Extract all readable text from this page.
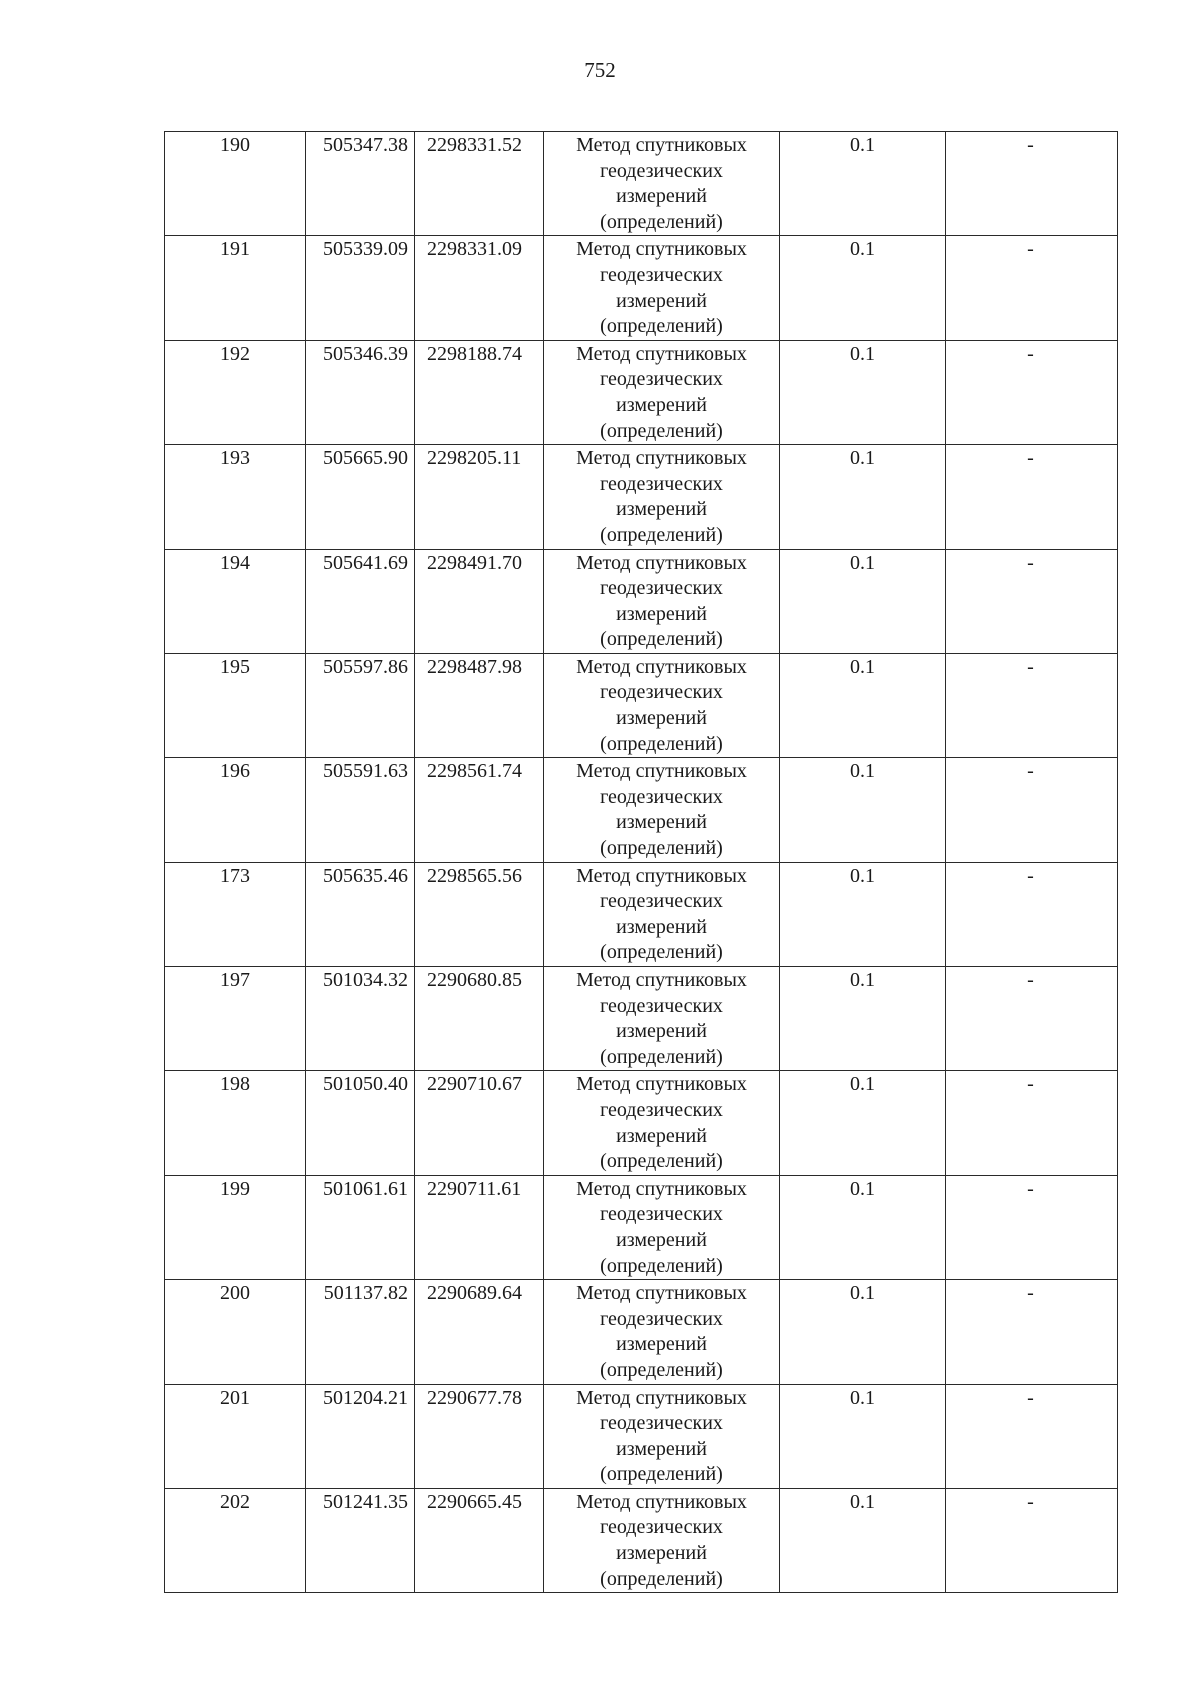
752
190	505347.38	2298331.52	Метод спутниковых
геодезических
измерений
(определений)	0.1	-
191	505339.09	2298331.09	Метод спутниковых
геодезических
измерений
(определений)	0.1	-
192	505346.39	2298188.74	Метод спутниковых
геодезических
измерений
(определений)	0.1	-
193	505665.90	2298205.11	Метод спутниковых
геодезических
измерений
(определений)	0.1	-
194	505641.69	2298491.70	Метод спутниковых
геодезических
измерений
(определений)	0.1	-
195	505597.86	2298487.98	Метод спутниковых
геодезических
измерений
(определений)	0.1	-
196	505591.63	2298561.74	Метод спутниковых
геодезических
измерений
(определений)	0.1	-
173	505635.46	2298565.56	Метод спутниковых
геодезических
измерений
(определений)	0.1	-
197	501034.32	2290680.85	Метод спутниковых
геодезических
измерений
(определений)	0.1	-
198	501050.40	2290710.67	Метод спутниковых
геодезических
измерений
(определений)	0.1	-
199	501061.61	2290711.61	Метод спутниковых
геодезических
измерений
(определений)	0.1	-
200	501137.82	2290689.64	Метод спутниковых
геодезических
измерений
(определений)	0.1	-
201	501204.21	2290677.78	Метод спутниковых
геодезических
измерений
(определений)	0.1	-
202	501241.35	2290665.45	Метод спутниковых
геодезических
измерений
(определений)	0.1	-
